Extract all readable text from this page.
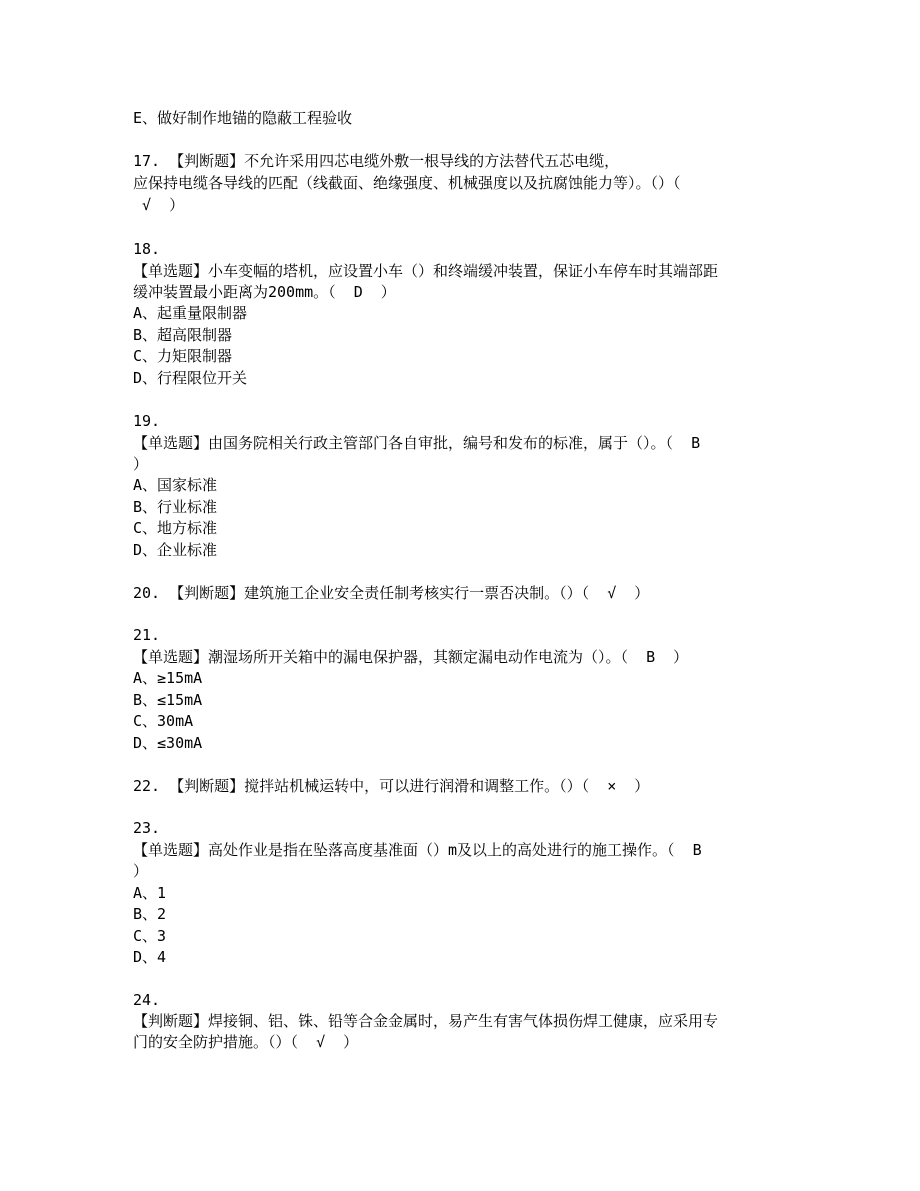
E、做好制作地锚的隐蔽工程验收
17. 【判断题】不允许采用四芯电缆外敷一根导线的方法替代五芯电缆，
应保持电缆各导线的匹配（线截面、绝缘强度、机械强度以及抗腐蚀能力等）。（）（
√  ）
18.
【单选题】小车变幅的塔机，应设置小车（）和终端缓冲装置，保证小车停车时其端部距
缓冲装置最小距离为200mm。（  D  ）
A、起重量限制器
B、超高限制器
C、力矩限制器
D、行程限位开关
19.
【单选题】由国务院相关行政主管部门各自审批，编号和发布的标准，属于（）。（  B
）
A、国家标准
B、行业标准
C、地方标准
D、企业标准
20. 【判断题】建筑施工企业安全责任制考核实行一票否决制。（）（  √  ）
21.
【单选题】潮湿场所开关箱中的漏电保护器，其额定漏电动作电流为（）。（  B  ）
A、≥15mA
B、≤15mA
C、30mA
D、≤30mA
22. 【判断题】搅拌站机械运转中，可以进行润滑和调整工作。（）（  ×  ）
23.
【单选题】高处作业是指在坠落高度基准面（）m及以上的高处进行的施工操作。（  B
）
A、1
B、2
C、3
D、4
24.
【判断题】焊接铜、铝、铢、铅等合金金属时，易产生有害气体损伤焊工健康，应采用专
门的安全防护措施。（）（  √  ）
